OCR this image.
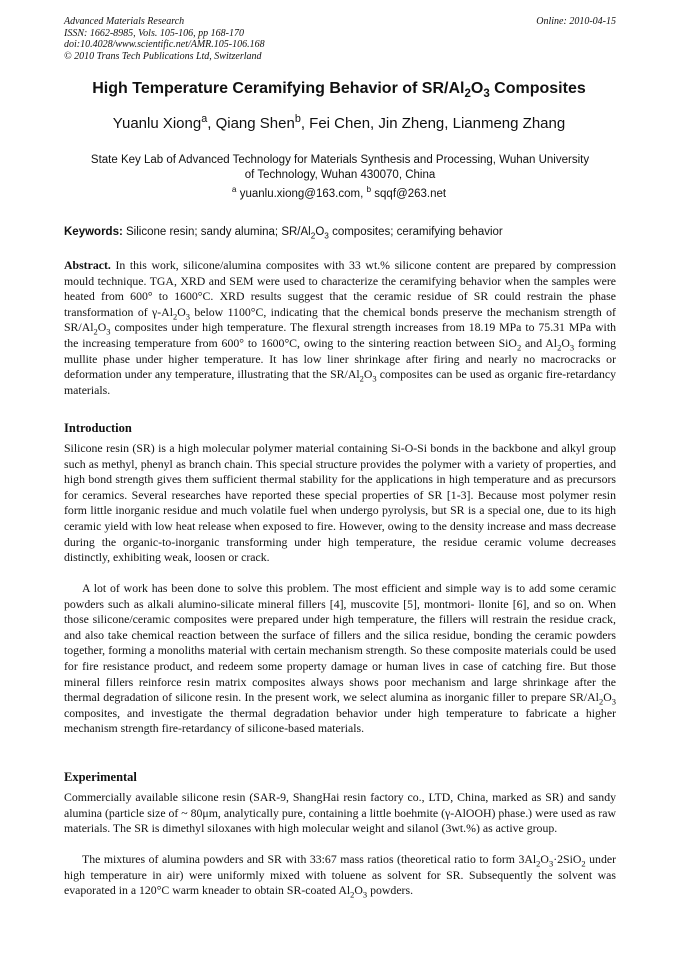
Advanced Materials Research
ISSN: 1662-8985, Vols. 105-106, pp 168-170
doi:10.4028/www.scientific.net/AMR.105-106.168
© 2010 Trans Tech Publications Ltd, Switzerland
Online: 2010-04-15
High Temperature Ceramifying Behavior of $SR/Al_2O_3$ Composites
Yuanlu Xiong$^a$, Qiang Shen$^b$, Fei Chen, Jin Zheng, Lianmeng Zhang
State Key Lab of Advanced Technology for Materials Synthesis and Processing, Wuhan University
of Technology, Wuhan 430070, China
$^a$ yuanlu.xiong@163.com, $^b$ sqqf@263.net
Keywords: Silicone resin; sandy alumina; $SR/Al_2O_3$ composites; ceramifying behavior
Abstract. In this work, silicone/alumina composites with 33 wt.% silicone content are prepared by compression mould technique. TGA, XRD and SEM were used to characterize the ceramifying behavior when the samples were heated from 600° to 1600°C. XRD results suggest that the ceramic residue of SR could restrain the phase transformation of $\gamma-Al_2O_3$ below 1100°C, indicating that the chemical bonds preserve the mechanism strength of $SR/Al_2O_3$ composites under high temperature. The flexural strength increases from 18.19 MPa to 75.31 MPa with the increasing temperature from 600° to 1600°C, owing to the sintering reaction between SiO$_2$ and $Al_2O_3$ forming mullite phase under higher temperature. It has low liner shrinkage after firing and nearly no macrocracks or deformation under any temperature, illustrating that the $SR/Al_2O_3$ composites can be used as organic fire-retardancy materials.
Introduction
Silicone resin (SR) is a high molecular polymer material containing Si-O-Si bonds in the backbone and alkyl group such as methyl, phenyl as branch chain. This special structure provides the polymer with a variety of properties, and high bond strength gives them sufficient thermal stability for the applications in high temperature and as precursors for ceramics. Several researches have reported these special properties of SR [1-3]. Because most polymer resin form little inorganic residue and much volatile fuel when undergo pyrolysis, but SR is a special one, due to its high ceramic yield with low heat release when exposed to fire. However, owing to the density increase and mass decrease during the organic-to-inorganic transforming under high temperature, the residue ceramic volume decreases distinctly, exhibiting weak, loosen or crack.
A lot of work has been done to solve this problem. The most efficient and simple way is to add some ceramic powders such as alkali alumino-silicate mineral fillers [4], muscovite [5], montmori- llonite [6], and so on. When those silicone/ceramic composites were prepared under high temperature, the fillers will restrain the residue crack, and also take chemical reaction between the surface of fillers and the silica residue, bonding the ceramic powders together, forming a monoliths material with certain mechanism strength. So these composite materials could be used for fire resistance product, and redeem some property damage or human lives in case of catching fire. But those mineral fillers reinforce resin matrix composites always shows poor mechanism and large shrinkage after the thermal degradation of silicone resin. In the present work, we select alumina as inorganic filler to prepare $SR/Al_2O_3$ composites, and investigate the thermal degradation behavior under high temperature to fabricate a higher mechanism strength fire-retardancy of silicone-based materials.
Experimental
Commercially available silicone resin (SAR-9, ShangHai resin factory co., LTD, China, marked as SR) and sandy alumina (particle size of ~ 80μm, analytically pure, containing a little boehmite (γ-AlOOH) phase.) were used as raw materials. The SR is dimethyl siloxanes with high molecular weight and silanol (3wt.%) as active group.
The mixtures of alumina powders and SR with 33:67 mass ratios (theoretical ratio to form $3Al_2O_3\cdot 2SiO_2$ under high temperature in air) were uniformly mixed with toluene as solvent for SR. Subsequently the solvent was evaporated in a 120°C warm kneader to obtain SR-coated $Al_2O_3$ powders.
